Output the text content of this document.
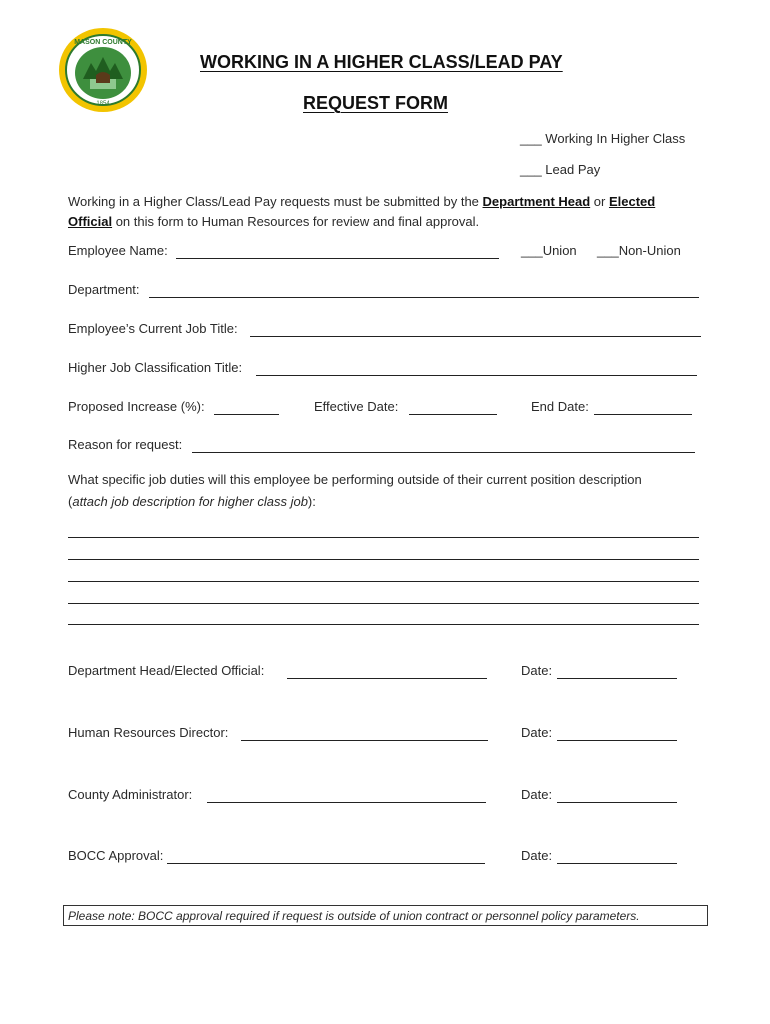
MASON COUNTY
1854
WORKING IN A HIGHER CLASS/LEAD PAY
REQUEST FORM
___ Working In Higher Class
___ Lead Pay
Working in a Higher Class/Lead Pay requests must be submitted by the Department Head or Elected
Official on this form to Human Resources for review and final approval.
Employee Name:	___Union ___Non-Union
Department:
Employee’s Current Job Title:
Higher Job Classification Title:
Proposed Increase (%):	Effective Date:	End Date:
Reason for request:
What specific job duties will this employee be performing outside of their current position description
(attach job description for higher class job):
Department Head/Elected Official:	Date:
Human Resources Director:	Date:
County Administrator:	Date:
BOCC Approval:	Date:
Please note: BOCC approval required if request is outside of union contract or personnel policy parameters.
